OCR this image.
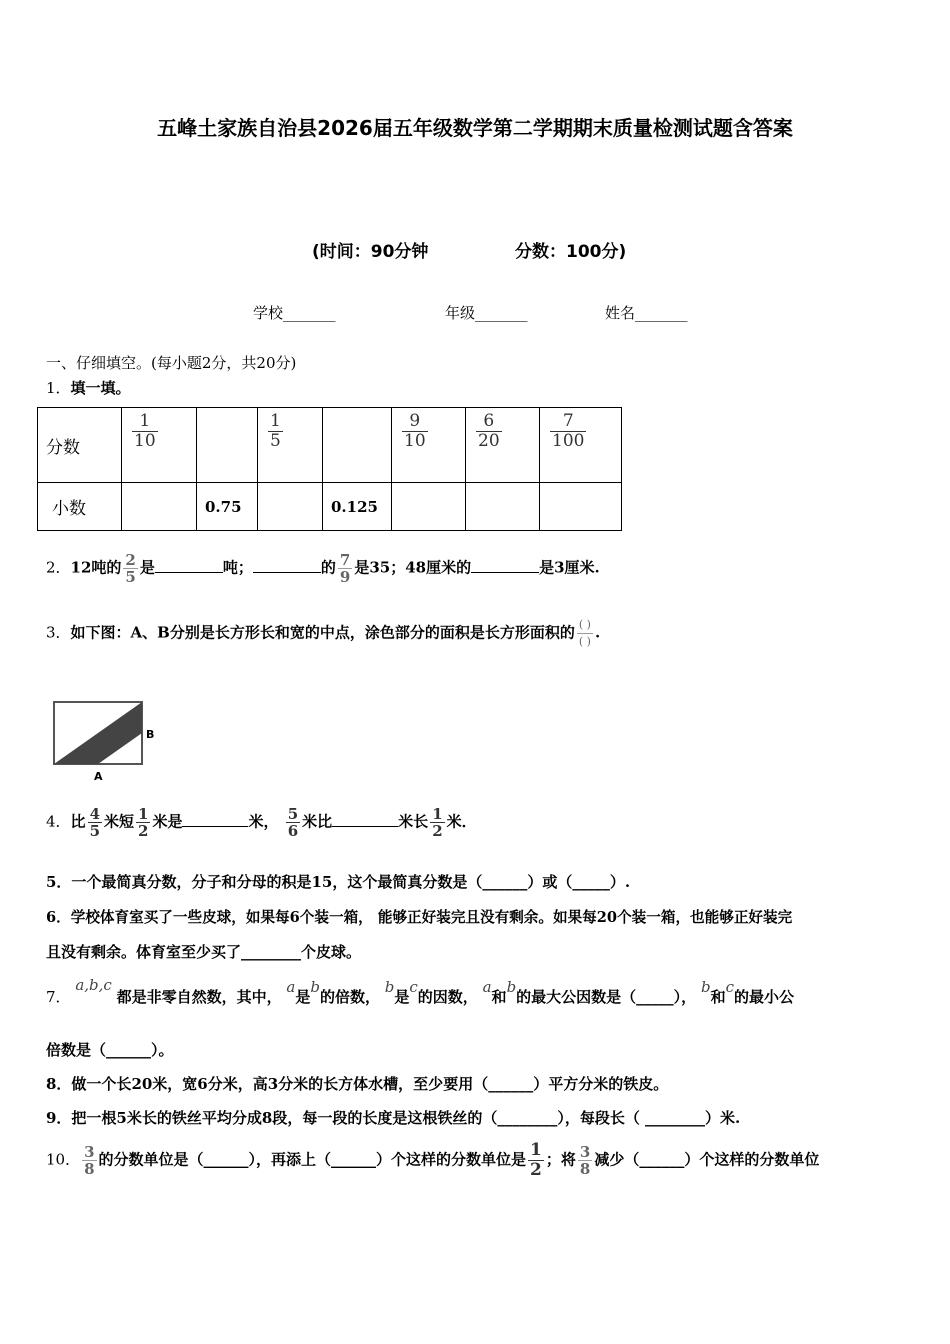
五峰土家族自治县2026届五年级数学第二学期期末质量检测试题含答案
(时间：90分钟	分数：100分)
学校_______	年级_______	姓名_______
一、仔细填空。(每小题2分，共20分)
1．填一填。
分数	$\frac{1}{10}$		$\frac{1}{5}$		$\frac{9}{10}$	$\frac{6}{20}$	$\frac{7}{100}$

小数		0.75		0.125			
2．12吨的 $\frac{2}{5}$ 是	吨；	的 $\frac{7}{9}$ 是35；48厘米的	是3厘米.
3．如下图：A、B分别是长方形长和宽的中点，涂色部分的面积是长方形面积的 $\frac{( )}{( )}$ .
B
A
4．比 $\frac{4}{5}$ 米短 $\frac{1}{2}$ 米是	米， $\frac{5}{6}$ 米比	米长 $\frac{1}{2}$ 米．
5．一个最简真分数，分子和分母的积是15，这个最简真分数是（______）或（_____）.
6．学校体育室买了一些皮球，如果每6个装一箱， 能够正好装完且没有剩余。如果每20个装一箱，也能够正好装完
且没有剩余。体育室至少买了________个皮球。
7． a,b,c 都是非零自然数，其中， a是b的倍数， b是c的因数， a和b的最大公因数是（_____）， b和c的最小公
倍数是（______）。
8．做一个长20米，宽6分米，高3分米的长方体水槽，至少要用（______）平方分米的铁皮。
9．把一根5米长的铁丝平均分成8段，每一段的长度是这根铁丝的（________），每段长（ ________）米.
10． $\frac{3}{8}$ 的分数单位是（______），再添上（______）个这样的分数单位是 $\frac{1}{2}$ ；将 $\frac{3}{8}$ 减少（______）个这样的分数单位
